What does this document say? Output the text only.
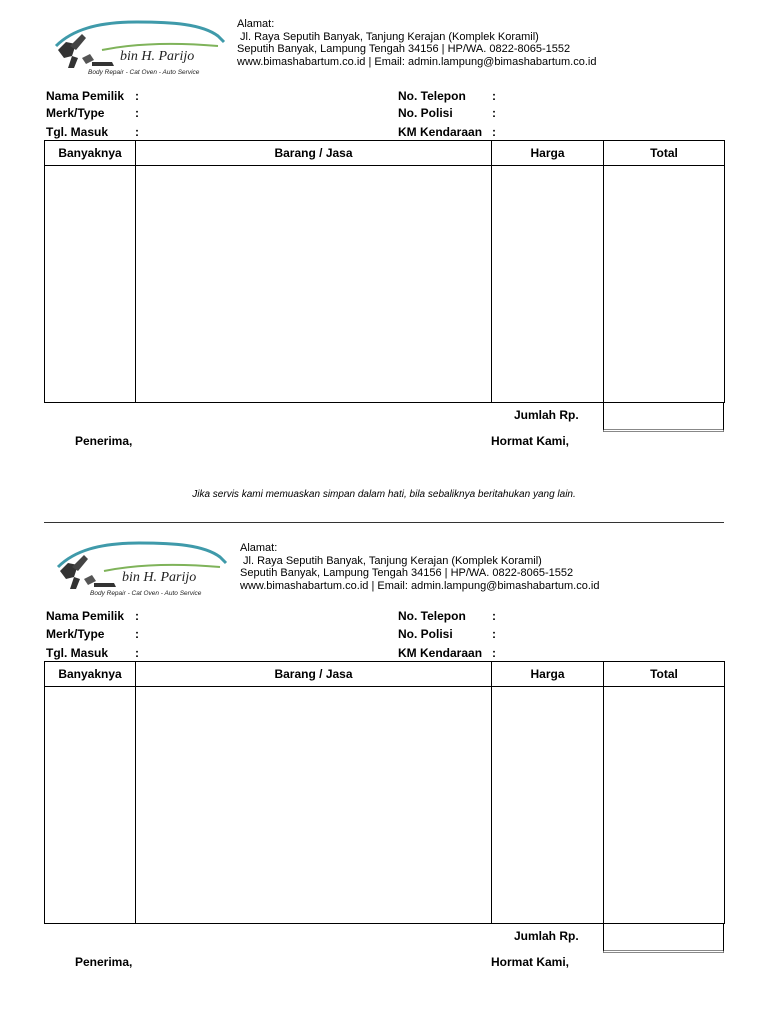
bin H. Parijo
Body Repair - Cat Oven - Auto Service
Alamat:
Jl. Raya Seputih Banyak, Tanjung Kerajan (Komplek Koramil)
Seputih Banyak, Lampung Tengah 34156 | HP/WA. 0822-8065-1552
www.bimashabartum.co.id | Email: admin.lampung@bimashabartum.co.id
Nama Pemilik :
Merk/Type	:
Tgl. Masuk :
No. Telepon :
No. Polisi	:
KM Kendaraan :
Banyaknya	Barang / Jasa	Harga	Total

Jumlah Rp.
Penerima,	Hormat Kami,
Jika servis kami memuaskan simpan dalam hati, bila sebaliknya beritahukan yang lain.
bin H. Parijo
Body Repair - Cat Oven - Auto Service
Alamat:
Jl. Raya Seputih Banyak, Tanjung Kerajan (Komplek Koramil)
Seputih Banyak, Lampung Tengah 34156 | HP/WA. 0822-8065-1552
www.bimashabartum.co.id | Email: admin.lampung@bimashabartum.co.id
Nama Pemilik :
Merk/Type	:
Tgl. Masuk :
No. Telepon :
No. Polisi	:
KM Kendaraan :
Banyaknya	Barang / Jasa	Harga	Total

Jumlah Rp.
Penerima,	Hormat Kami,
